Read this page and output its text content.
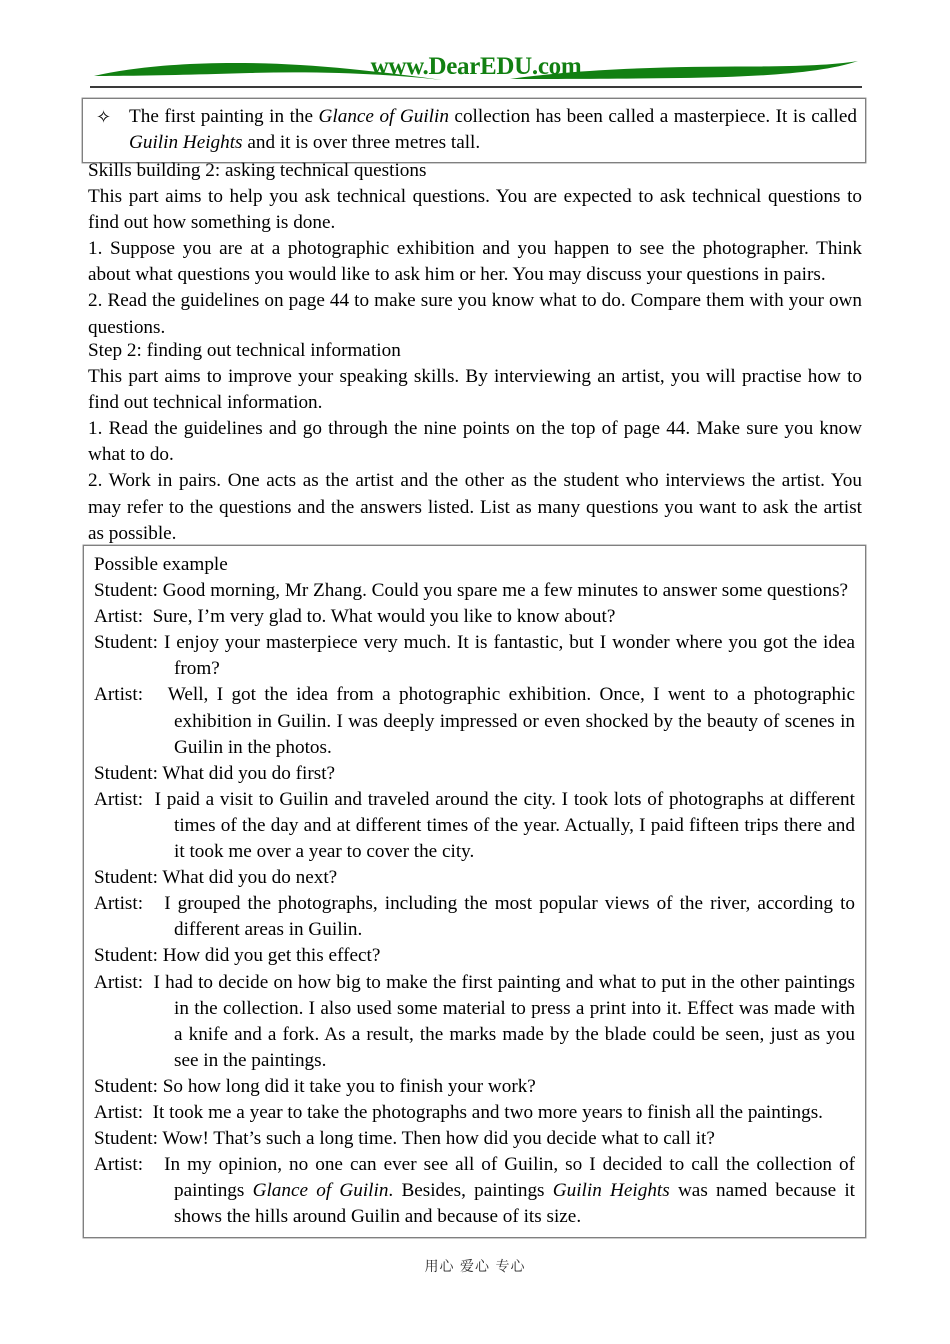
www.DearEDU.com
✧ The first painting in the Glance of Guilin collection has been called a masterpiece. It is called Guilin Heights and it is over three metres tall.

Skills building 2: asking technical questions

This part aims to help you ask technical questions. You are expected to ask technical questions to find out how something is done.

1. Suppose you are at a photographic exhibition and you happen to see the photographer. Think about what questions you would like to ask him or her. You may discuss your questions in pairs.

2. Read the guidelines on page 44 to make sure you know what to do. Compare them with your own questions.

Step 2: finding out technical information

This part aims to improve your speaking skills. By interviewing an artist, you will practise how to find out technical information.

1. Read the guidelines and go through the nine points on the top of page 44. Make sure you know what to do.

2. Work in pairs. One acts as the artist and the other as the student who interviews the artist. You may refer to the questions and the answers listed. List as many questions you want to ask the artist as possible.

Possible example

Student: Good morning, Mr Zhang. Could you spare me a few minutes to answer some questions?

Artist:  Sure, I’m very glad to. What would you like to know about?

Student: I enjoy your masterpiece very much. It is fantastic, but I wonder where you got the idea from?

Artist:   Well, I got the idea from a photographic exhibition. Once, I went to a photographic exhibition in Guilin. I was deeply impressed or even shocked by the beauty of scenes in Guilin in the photos.

Student: What did you do first?

Artist:  I paid a visit to Guilin and traveled around the city. I took lots of photographs at different times of the day and at different times of the year. Actually, I paid fifteen trips there and it took me over a year to cover the city.

Student: What did you do next?

Artist:   I grouped the photographs, including the most popular views of the river, according to different areas in Guilin.

Student: How did you get this effect?

Artist:  I had to decide on how big to make the first painting and what to put in the other paintings in the collection. I also used some material to press a print into it. Effect was made with a knife and a fork. As a result, the marks made by the blade could be seen, just as you see in the paintings.

Student: So how long did it take you to finish your work?

Artist:  It took me a year to take the photographs and two more years to finish all the paintings.

Student: Wow! That’s such a long time. Then how did you decide what to call it?

Artist:   In my opinion, no one can ever see all of Guilin, so I decided to call the collection of paintings Glance of Guilin. Besides, paintings Guilin Heights was named because it shows the hills around Guilin and because of its size.

用心 爱心 专心
